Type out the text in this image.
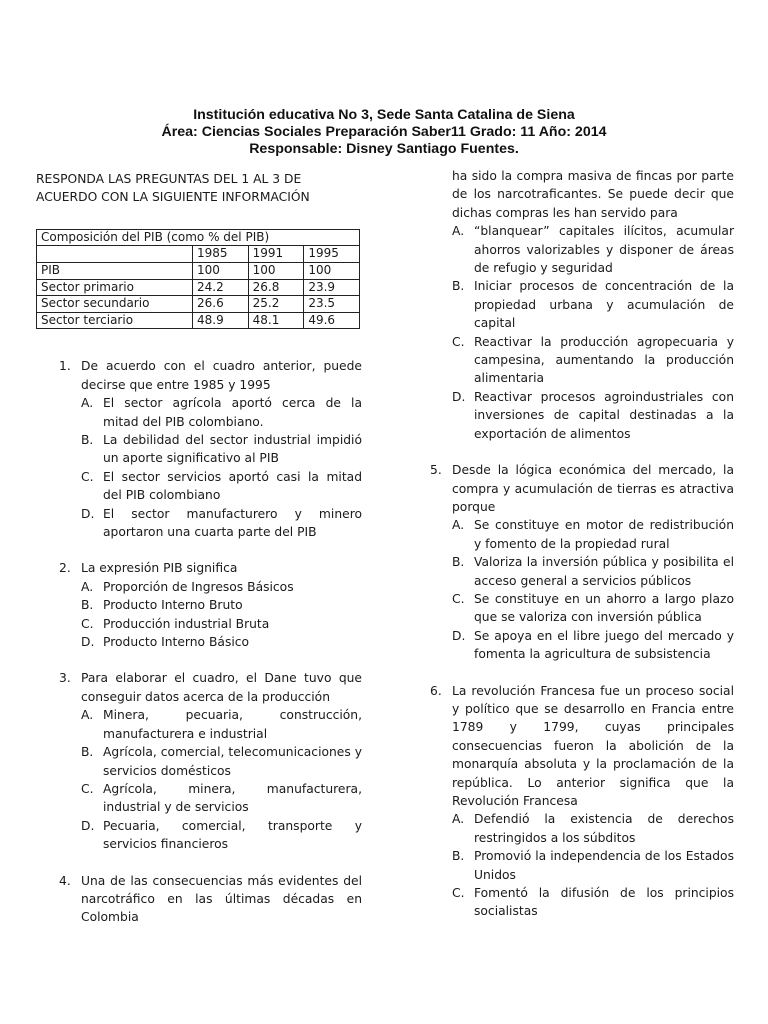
Institución educativa No 3, Sede Santa Catalina de Siena
Área: Ciencias Sociales Preparación Saber11 Grado: 11 Año: 2014
Responsable: Disney Santiago Fuentes.

RESPONDA LAS PREGUNTAS DEL 1 AL 3 DE ACUERDO CON LA SIGUIENTE INFORMACIÓN

Composición del PIB (como % del PIB)			
	1985	1991	1995
PIB	100	100	100
Sector primario	24.2	26.8	23.9
Sector secundario	26.6	25.2	23.5
Sector terciario	48.9	48.1	49.6
1. De acuerdo con el cuadro anterior, puede decirse que entre 1985 y 1995

A. El sector agrícola aportó cerca de la mitad del PIB colombiano.
B. La debilidad del sector industrial impidió un aporte significativo al PIB
C. El sector servicios aportó casi la mitad del PIB colombiano
D. El sector manufacturero y minero aportaron una cuarta parte del PIB
2. La expresión PIB significa

A. Proporción de Ingresos Básicos
B. Producto Interno Bruto
C. Producción industrial Bruta
D. Producto Interno Básico
3. Para elaborar el cuadro, el Dane tuvo que conseguir datos acerca de la producción

A. Minera, pecuaria, construcción, manufacturera e industrial
B. Agrícola, comercial, telecomunicaciones y servicios domésticos
C. Agrícola, minera, manufacturera, industrial y de servicios
D. Pecuaria, comercial, transporte y servicios financieros
4. Una de las consecuencias más evidentes del narcotráfico en las últimas décadas en Colombia

ha sido la compra masiva de fincas por parte de los narcotraficantes. Se puede decir que dichas compras les han servido para

A. “blanquear” capitales ilícitos, acumular ahorros valorizables y disponer de áreas de refugio y seguridad
B. Iniciar procesos de concentración de la propiedad urbana y acumulación de capital
C. Reactivar la producción agropecuaria y campesina, aumentando la producción alimentaria
D. Reactivar procesos agroindustriales con inversiones de capital destinadas a la exportación de alimentos
5. Desde la lógica económica del mercado, la compra y acumulación de tierras es atractiva porque

A. Se constituye en motor de redistribución y fomento de la propiedad rural
B. Valoriza la inversión pública y posibilita el acceso general a servicios públicos
C. Se constituye en un ahorro a largo plazo que se valoriza con inversión pública
D. Se apoya en el libre juego del mercado y fomenta la agricultura de subsistencia
6. La revolución Francesa fue un proceso social y político que se desarrollo en Francia entre 1789 y 1799, cuyas principales consecuencias fueron la abolición de la monarquía absoluta y la proclamación de la república. Lo anterior significa que la Revolución Francesa

A. Defendió la existencia de derechos restringidos a los súbditos
B. Promovió la independencia de los Estados Unidos
C. Fomentó la difusión de los principios socialistas
